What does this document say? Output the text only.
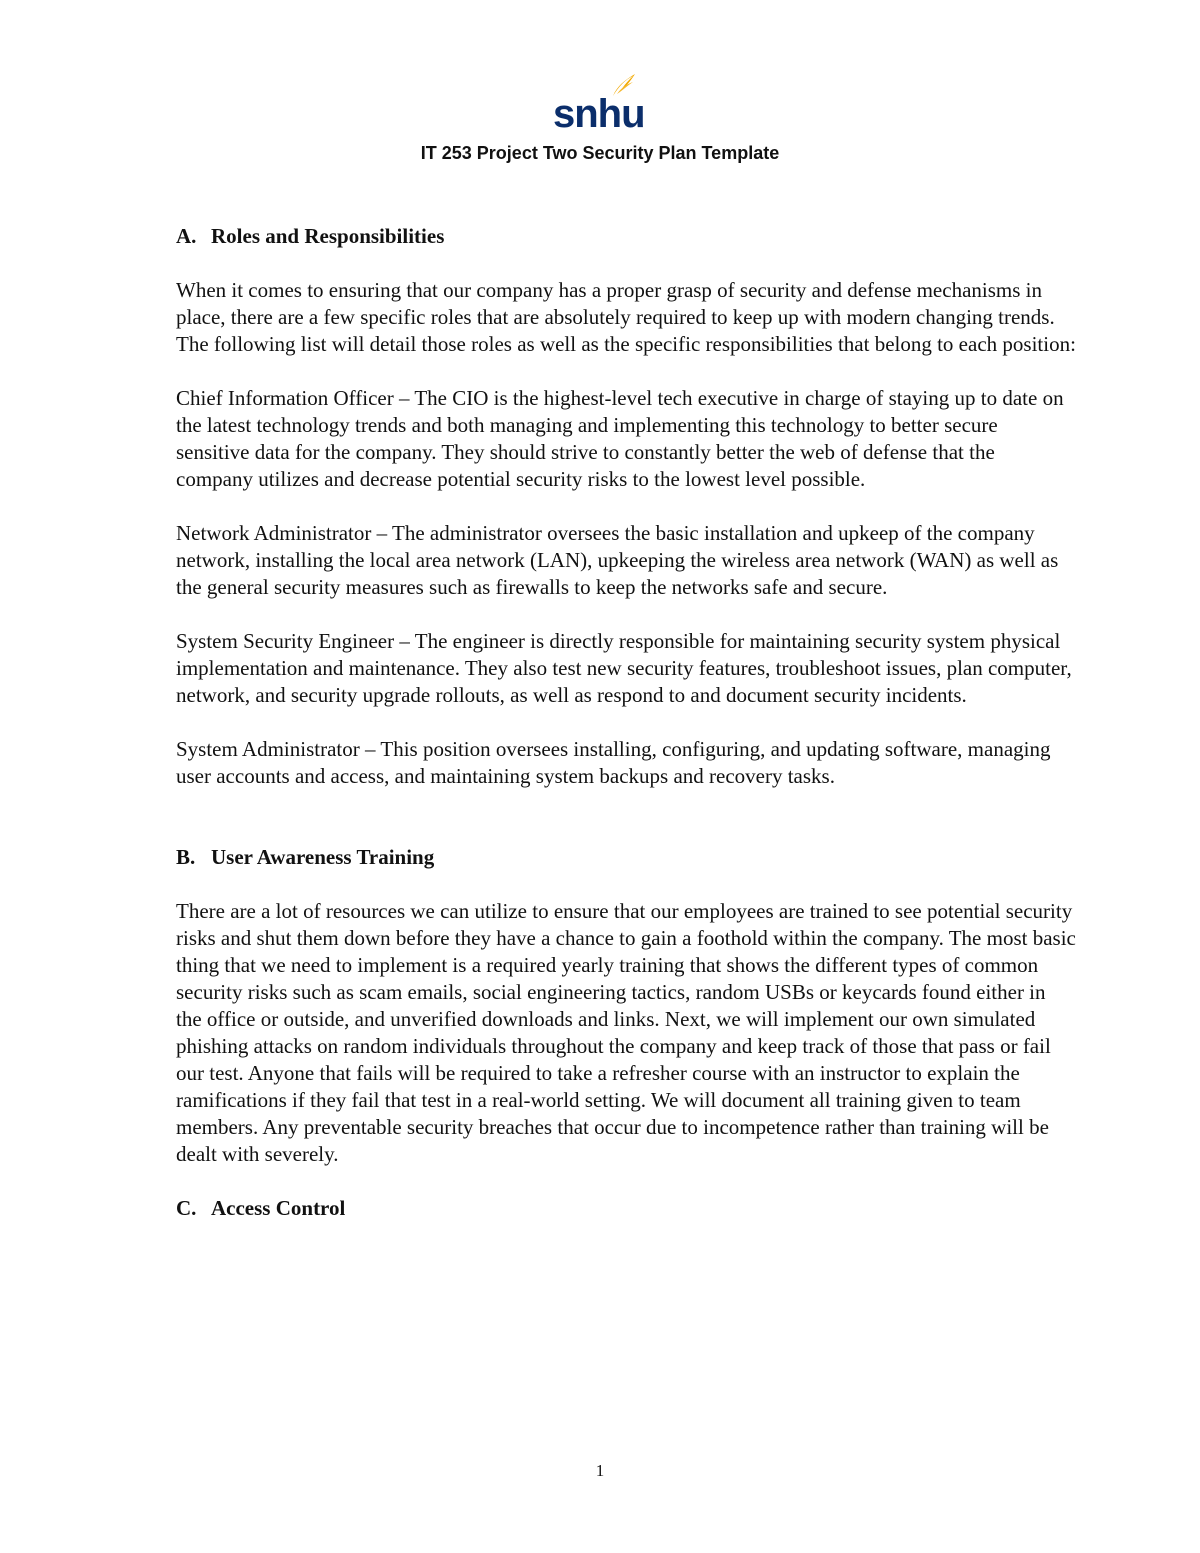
snhu
IT 253 Project Two Security Plan Template
A. Roles and Responsibilities

When it comes to ensuring that our company has a proper grasp of security and defense mechanisms in place, there are a few specific roles that are absolutely required to keep up with modern changing trends. The following list will detail those roles as well as the specific responsibilities that belong to each position:

Chief Information Officer – The CIO is the highest-level tech executive in charge of staying up to date on the latest technology trends and both managing and implementing this technology to better secure sensitive data for the company. They should strive to constantly better the web of defense that the company utilizes and decrease potential security risks to the lowest level possible.

Network Administrator – The administrator oversees the basic installation and upkeep of the company network, installing the local area network (LAN), upkeeping the wireless area network (WAN) as well as the general security measures such as firewalls to keep the networks safe and secure.

System Security Engineer – The engineer is directly responsible for maintaining security system physical implementation and maintenance. They also test new security features, troubleshoot issues, plan computer, network, and security upgrade rollouts, as well as respond to and document security incidents.

System Administrator – This position oversees installing, configuring, and updating software, managing user accounts and access, and maintaining system backups and recovery tasks.

B. User Awareness Training

There are a lot of resources we can utilize to ensure that our employees are trained to see potential security risks and shut them down before they have a chance to gain a foothold within the company. The most basic thing that we need to implement is a required yearly training that shows the different types of common security risks such as scam emails, social engineering tactics, random USBs or keycards found either in the office or outside, and unverified downloads and links. Next, we will implement our own simulated phishing attacks on random individuals throughout the company and keep track of those that pass or fail our test. Anyone that fails will be required to take a refresher course with an instructor to explain the ramifications if they fail that test in a real-world setting. We will document all training given to team members. Any preventable security breaches that occur due to incompetence rather than training will be dealt with severely.

C. Access Control
1
